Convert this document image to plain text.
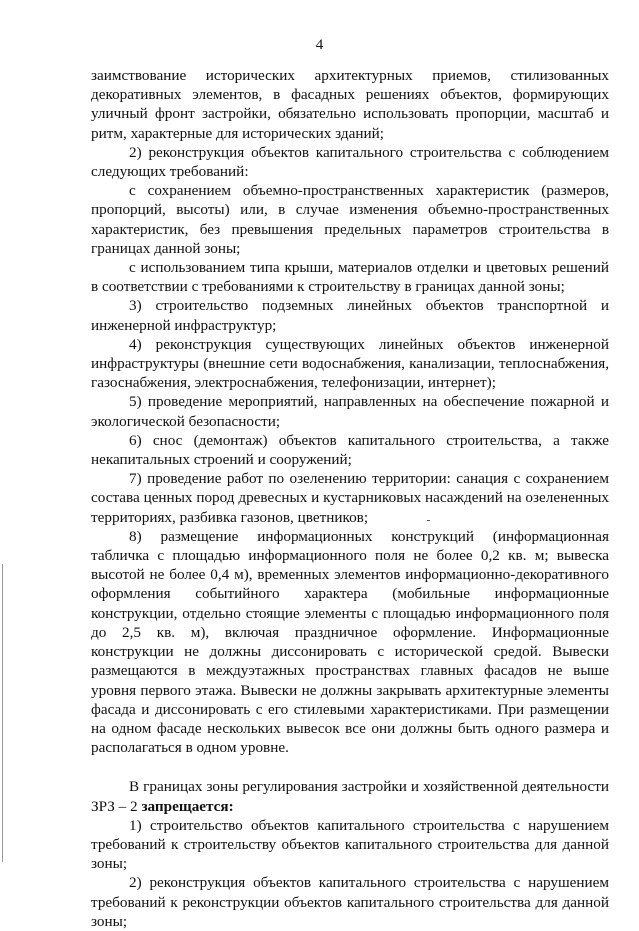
4

заимствование исторических архитектурных приемов, стилизованных декоративных элементов, в фасадных решениях объектов, формирующих уличный фронт застройки, обязательно использовать пропорции, масштаб и ритм, характерные для исторических зданий;

2) реконструкция объектов капитального строительства с соблюдением следующих требований:

с сохранением объемно-пространственных характеристик (размеров, пропорций, высоты) или, в случае изменения объемно-пространственных характеристик, без превышения предельных параметров строительства в границах данной зоны;

с использованием типа крыши, материалов отделки и цветовых решений в соответствии с требованиями к строительству в границах данной зоны;

3) строительство подземных линейных объектов транспортной и инженерной инфраструктур;

4) реконструкция существующих линейных объектов инженерной инфраструктуры (внешние сети водоснабжения, канализации, теплоснабжения, газоснабжения, электроснабжения, телефонизации, интернет);

5) проведение мероприятий, направленных на обеспечение пожарной и экологической безопасности;

6) снос (демонтаж) объектов капитального строительства, а также некапитальных строений и сооружений;

7) проведение работ по озеленению территории: санация с сохранением состава ценных пород древесных и кустарниковых насаждений на озелененных территориях, разбивка газонов, цветников;

8) размещение информационных конструкций (информационная табличка с площадью информационного поля не более 0,2 кв. м; вывеска высотой не более 0,4 м), временных элементов информационно-декоративного оформления событийного характера (мобильные информационные конструкции, отдельно стоящие элементы с площадью информационного поля до 2,5 кв. м), включая праздничное оформление. Информационные конструкции не должны диссонировать с исторической средой. Вывески размещаются в междуэтажных пространствах главных фасадов не выше уровня первого этажа. Вывески не должны закрывать архитектурные элементы фасада и диссонировать с его стилевыми характеристиками. При размещении на одном фасаде нескольких вывесок все они должны быть одного размера и располагаться в одном уровне.

В границах зоны регулирования застройки и хозяйственной деятельности ЗРЗ – 2 запрещается:

1) строительство объектов капитального строительства с нарушением требований к строительству объектов капитального строительства для данной зоны;

2) реконструкция объектов капитального строительства с нарушением требований к реконструкции объектов капитального строительства для данной зоны;
